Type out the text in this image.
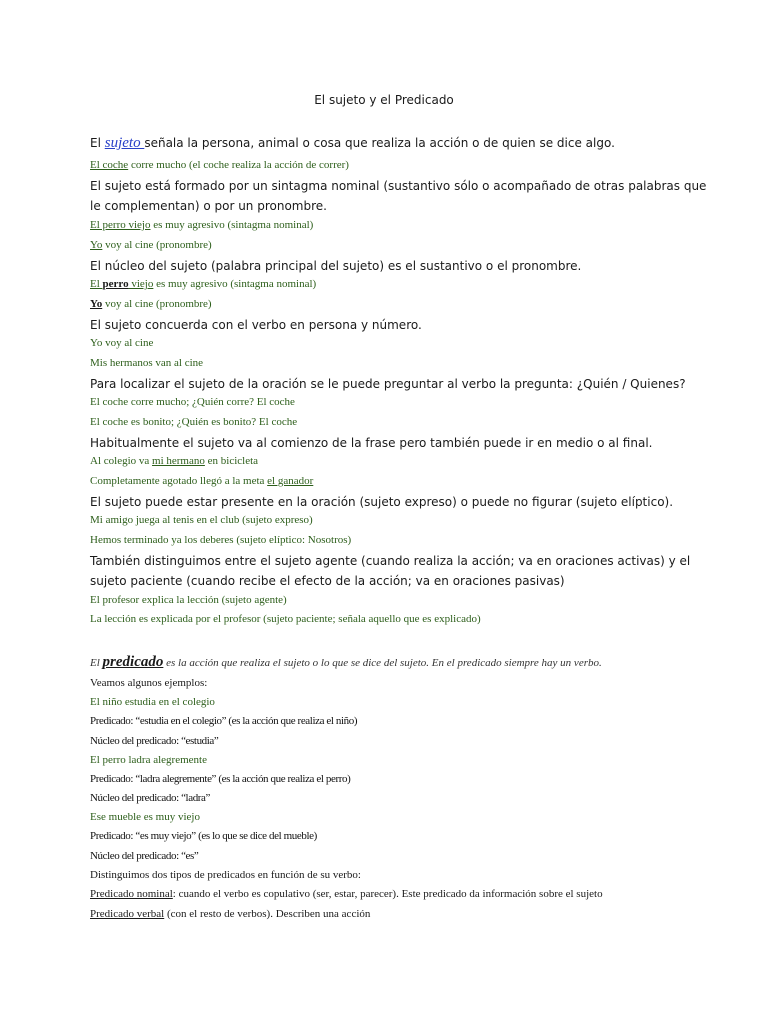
El sujeto y el Predicado
El sujeto señala la persona, animal o cosa que realiza la acción o de quien se dice algo.
El coche corre mucho (el coche realiza la acción de correr)
El sujeto está formado por un sintagma nominal (sustantivo sólo o acompañado de otras palabras que
le complementan) o por un pronombre.
El perro viejo es muy agresivo (sintagma nominal)
Yo voy al cine (pronombre)
El núcleo del sujeto (palabra principal del sujeto) es el sustantivo o el pronombre.
El perro viejo es muy agresivo (sintagma nominal)
Yo voy al cine (pronombre)
El sujeto concuerda con el verbo en persona y número.
Yo voy al cine
Mis hermanos van al cine
Para localizar el sujeto de la oración se le puede preguntar al verbo la pregunta: ¿Quién / Quienes?
El coche corre mucho; ¿Quién corre? El coche
El coche es bonito; ¿Quién es bonito? El coche
Habitualmente el sujeto va al comienzo de la frase pero también puede ir en medio o al final.
Al colegio va mi hermano en bicicleta
Completamente agotado llegó a la meta el ganador
El sujeto puede estar presente en la oración (sujeto expreso) o puede no figurar (sujeto elíptico).
Mi amigo juega al tenis en el club (sujeto expreso)
Hemos terminado ya los deberes (sujeto elíptico: Nosotros)
También distinguimos entre el sujeto agente (cuando realiza la acción; va en oraciones activas) y el
sujeto paciente (cuando recibe el efecto de la acción; va en oraciones pasivas)
El profesor explica la lección (sujeto agente)
La lección es explicada por el profesor (sujeto paciente; señala aquello que es explicado)
El predicado es la acción que realiza el sujeto o lo que se dice del sujeto. En el predicado siempre hay un verbo.
Veamos algunos ejemplos:
El niño estudia en el colegio
Predicado: “estudia en el colegio” (es la acción que realiza el niño)
Núcleo del predicado: “estudia”
El perro ladra alegremente
Predicado: “ladra alegremente” (es la acción que realiza el perro)
Núcleo del predicado: “ladra”
Ese mueble es muy viejo
Predicado: “es muy viejo” (es lo que se dice del mueble)
Núcleo del predicado: “es”
Distinguimos dos tipos de predicados en función de su verbo:
Predicado nominal: cuando el verbo es copulativo (ser, estar, parecer). Este predicado da información sobre el sujeto
Predicado verbal (con el resto de verbos). Describen una acción
